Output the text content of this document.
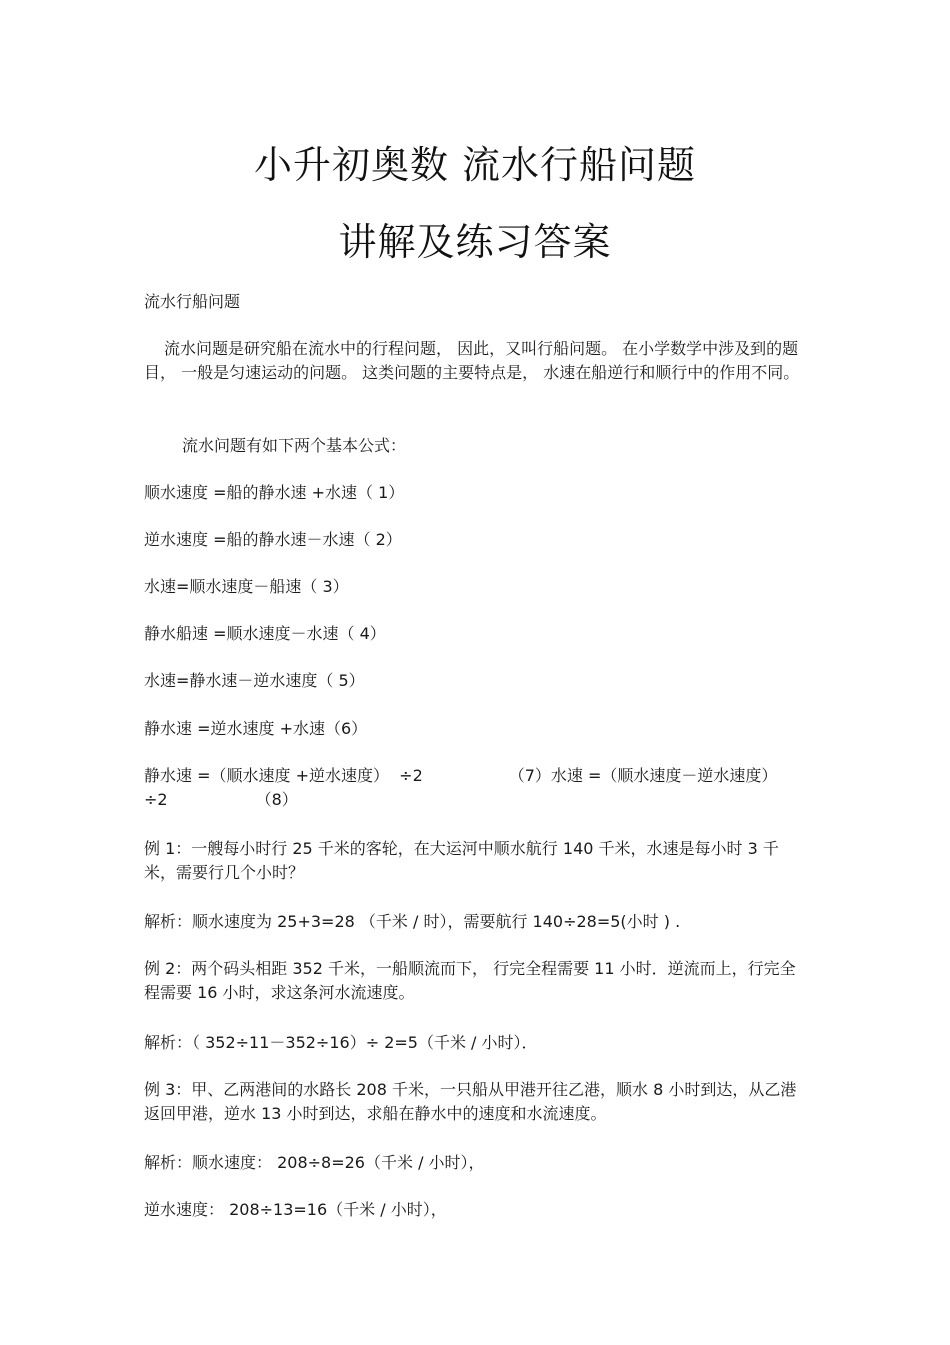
小升初奥数 流水行船问题
讲解及练习答案

流水行船问题

流水问题是研究船在流水中的行程问题， 因此，又叫行船问题。 在小学数学中涉及到的题目， 一般是匀速运动的问题。 这类问题的主要特点是， 水速在船逆行和顺行中的作用不同。

流水问题有如下两个基本公式：

顺水速度 =船的静水速 +水速（ 1）

逆水速度 =船的静水速－水速（ 2）

水速=顺水速度－船速（ 3）

静水船速 =顺水速度－水速（ 4）

水速=静水速－逆水速度（ 5）

静水速 =逆水速度 +水速（6）

静水速 =（顺水速度 +逆水速度）  ÷2	（7）水速 =（顺水速度－逆水速度）
÷2	（8）

例 1：一艘每小时行 25 千米的客轮，在大运河中顺水航行 140 千米，水速是每小时 3 千米，需要行几个小时？

解析：顺水速度为 25+3=28 （千米 / 时），需要航行 140÷28=5(小时 ) .

例 2：两个码头相距 352 千米，一船顺流而下， 行完全程需要 11 小时．逆流而上，行完全程需要 16 小时，求这条河水流速度。

解析：（ 352÷11－352÷16）÷ 2=5（千米 / 小时）．

例 3：甲、乙两港间的水路长 208 千米，一只船从甲港开往乙港，顺水 8 小时到达，从乙港返回甲港，逆水 13 小时到达，求船在静水中的速度和水流速度。

解析：顺水速度： 208÷8=26（千米 / 小时），

逆水速度： 208÷13=16（千米 / 小时），
